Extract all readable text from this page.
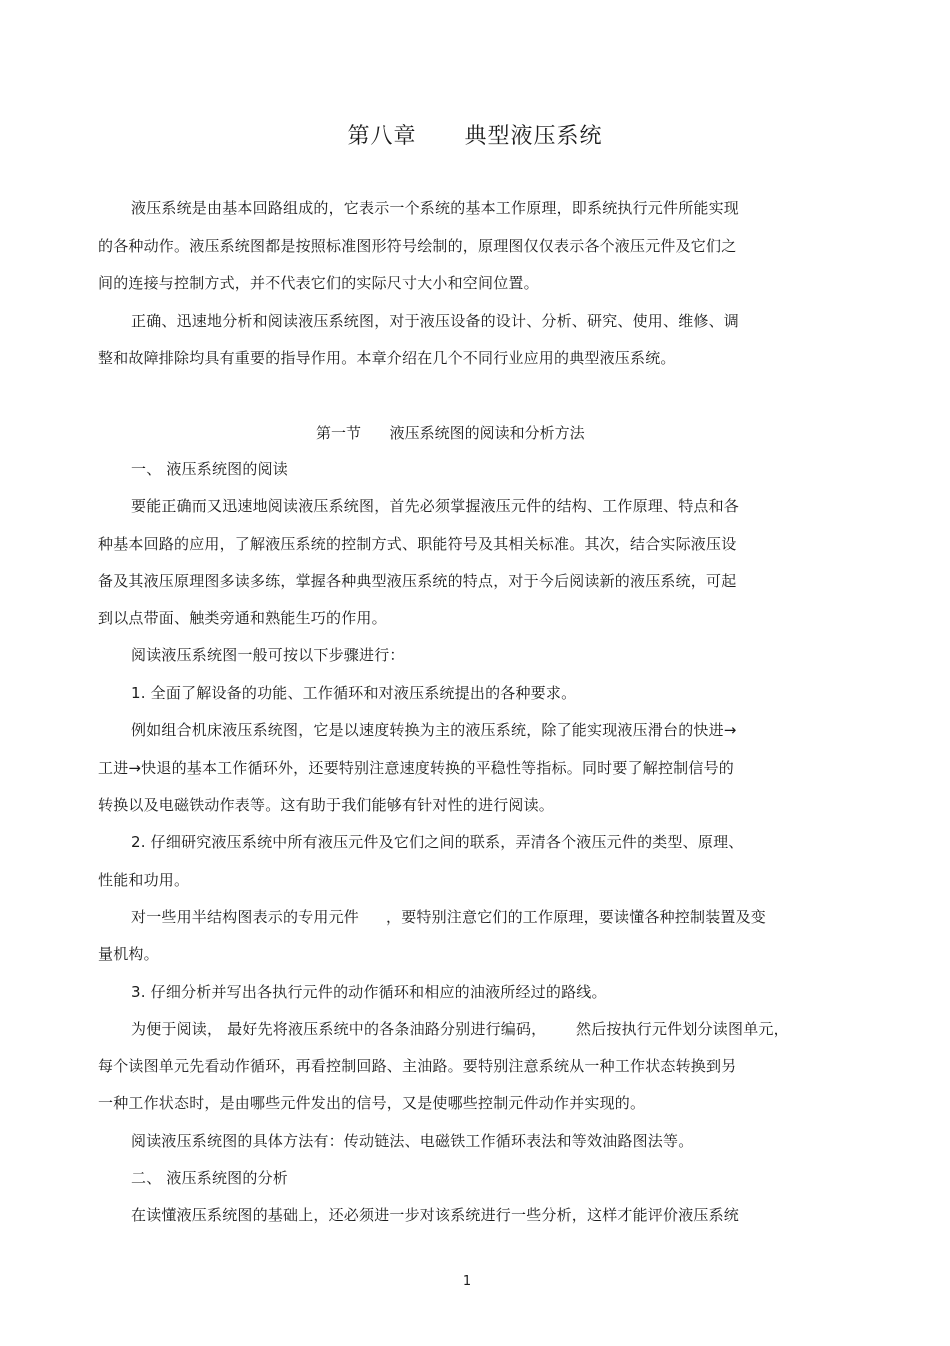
第八章      典型液压系统
液压系统是由基本回路组成的，它表示一个系统的基本工作原理，即系统执行元件所能实现
的各种动作。液压系统图都是按照标准图形符号绘制的，原理图仅仅表示各个液压元件及它们之
间的连接与控制方式，并不代表它们的实际尺寸大小和空间位置。
正确、迅速地分析和阅读液压系统图，对于液压设备的设计、分析、研究、使用、维修、调
整和故障排除均具有重要的指导作用。本章介绍在几个不同行业应用的典型液压系统。
第一节      液压系统图的阅读和分析方法
一、 液压系统图的阅读
要能正确而又迅速地阅读液压系统图，首先必须掌握液压元件的结构、工作原理、特点和各
种基本回路的应用，了解液压系统的控制方式、职能符号及其相关标准。其次，结合实际液压设
备及其液压原理图多读多练，掌握各种典型液压系统的特点，对于今后阅读新的液压系统，可起
到以点带面、触类旁通和熟能生巧的作用。
阅读液压系统图一般可按以下步骤进行：
1. 全面了解设备的功能、工作循环和对液压系统提出的各种要求。
例如组合机床液压系统图，它是以速度转换为主的液压系统，除了能实现液压滑台的快进→
工进→快退的基本工作循环外，还要特别注意速度转换的平稳性等指标。同时要了解控制信号的
转换以及电磁铁动作表等。这有助于我们能够有针对性的进行阅读。
2. 仔细研究液压系统中所有液压元件及它们之间的联系，弄清各个液压元件的类型、原理、
性能和功用。
对一些用半结构图表示的专用元件 ，要特别注意它们的工作原理，要读懂各种控制装置及变
量机构。
3. 仔细分析并写出各执行元件的动作循环和相应的油液所经过的路线。
为便于阅读， 最好先将液压系统中的各条油路分别进行编码， 然后按执行元件划分读图单元，
每个读图单元先看动作循环，再看控制回路、主油路。要特别注意系统从一种工作状态转换到另
一种工作状态时，是由哪些元件发出的信号，又是使哪些控制元件动作并实现的。
阅读液压系统图的具体方法有：传动链法、电磁铁工作循环表法和等效油路图法等。
二、 液压系统图的分析
在读懂液压系统图的基础上，还必须进一步对该系统进行一些分析，这样才能评价液压系统
1
